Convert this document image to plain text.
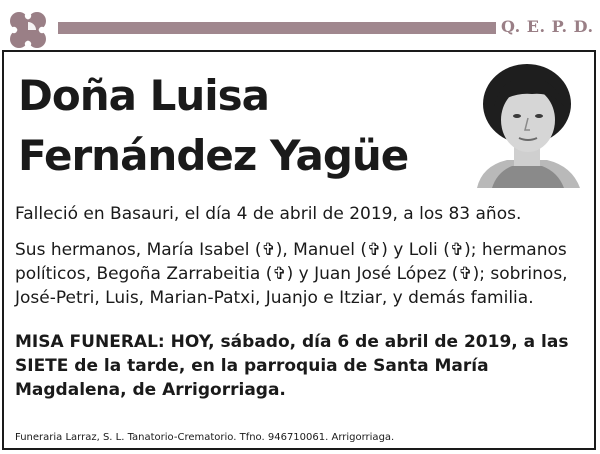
Q. E. P. D.
Doña Luisa
Fernández Yagüe

Falleció en Basauri, el día 4 de abril de 2019, a los 83 años.

Sus hermanos, María Isabel (✞), Manuel (✞) y Loli (✞); hermanos políticos, Begoña Zarrabeitia (✞) y Juan José López (✞); sobrinos, José-Petri, Luis, Marian-Patxi, Juanjo e Itziar, y demás familia.

MISA FUNERAL: HOY, sábado, día 6 de abril de 2019, a las SIETE de la tarde, en la parroquia de Santa María Magdalena, de Arrigorriaga.

Funeraria Larraz, S. L. Tanatorio-Crematorio. Tfno. 946710061. Arrigorriaga.
